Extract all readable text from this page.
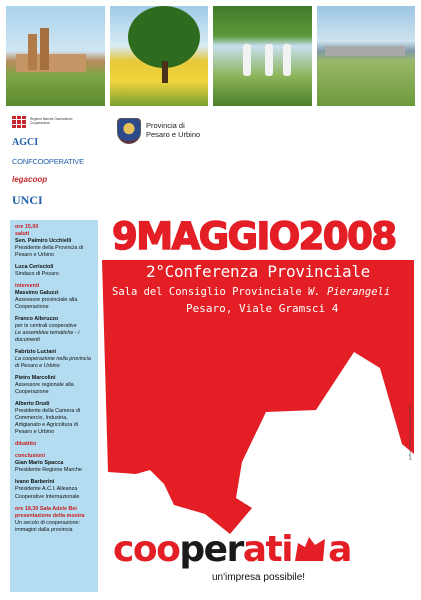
Regione Marche Osservatorio Cooperazione
AGCI
CONFCOOPERATIVE
legacoop
UNCI
Provincia di
Pesaro e Urbino
ore 15,00
saluti
Sen. Palmiro Ucchielli
Presidente della Provincia di Pesaro e Urbino
Luca Ceriscioli
Sindaco di Pesaro
interventi
Massimo Galuzzi
Assessore provinciale alla Cooperazione
Franco Alleruzzo
per le centrali cooperative
Le assemblee tematiche - i documenti
Fabrizio Luciani
La cooperazione nella provincia di Pesaro e Urbino
Pietro Marcolini
Assessore regionale alla Cooperazione
Alberto Drudi
Presidente della Camera di Commercio, Industria, Artigianato e Agricoltura di Pesaro e Urbino
dibattito
conclusioni
Gian Mario Spacca
Presidente Regione Marche
Ivano Barberini
Presidente A.C.I. Alleanza Cooperative Internazionale
ore 18,30 Sala Adele Bei
presentazione della mostra
Un secolo di cooperazione: immagini dalla provincia
9MAGGIO2008
2°Conferenza Provinciale
Sala del Consiglio Provinciale W. Pierangeli
Pesaro, Viale Gramsci 4
grafica: Pf/Unioncooperative/pesaro/2008
cooperati a
un'impresa possibile!
